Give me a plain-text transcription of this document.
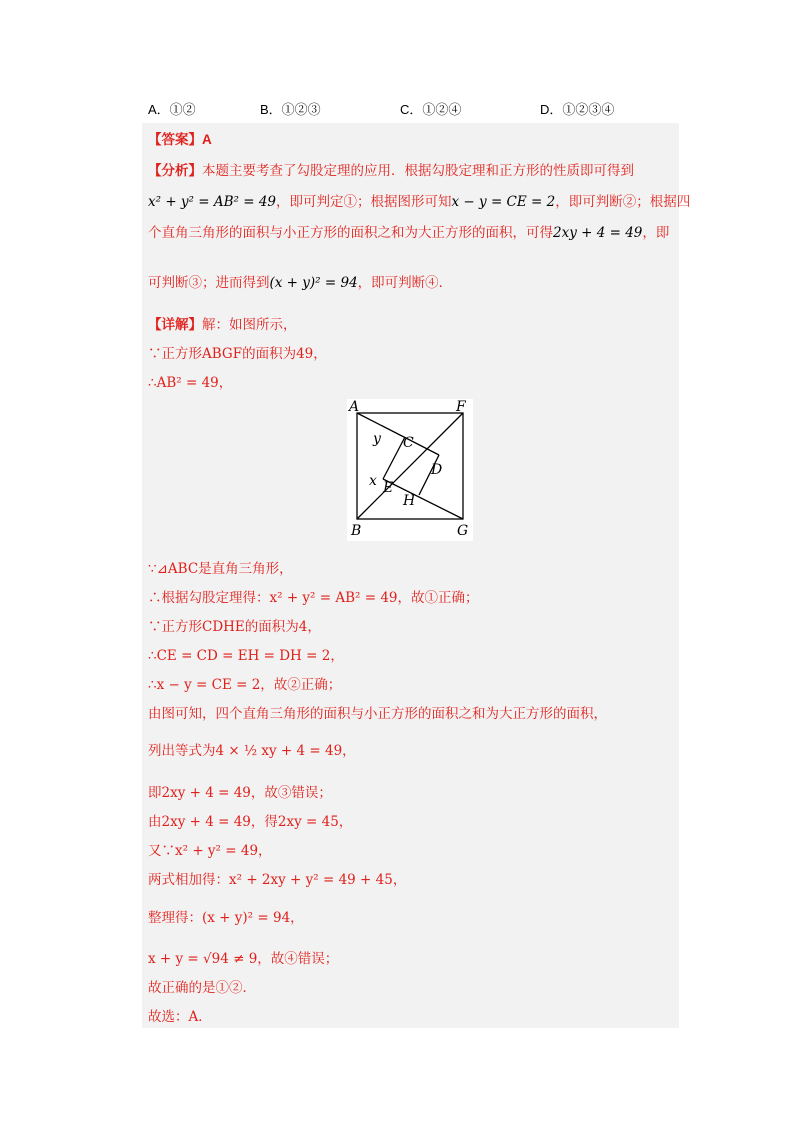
A．①②	B．①②③	C．①②④	D．①②③④
【答案】A
【分析】本题主要考查了勾股定理的应用．根据勾股定理和正方形的性质即可得到
x² + y² = AB² = 49，即可判定①；根据图形可知x − y = CE = 2，即可判断②；根据四
个直角三角形的面积与小正方形的面积之和为大正方形的面积，可得2xy + 4 = 49，即
可判断③；进而得到(x + y)² = 94，即可判断④．
【详解】解：如图所示，
∵正方形ABGF的面积为49，
∴AB² = 49，
A	F
B	G
C
D
E
H
x
y
∵⊿ABC是直角三角形，
∴根据勾股定理得：x² + y² = AB² = 49，故①正确；
∵正方形CDHE的面积为4，
∴CE = CD = EH = DH = 2，
∴x − y = CE = 2，故②正确；
由图可知，四个直角三角形的面积与小正方形的面积之和为大正方形的面积，
列出等式为4 × ½ xy + 4 = 49，
即2xy + 4 = 49，故③错误；
由2xy + 4 = 49，得2xy = 45，
又∵x² + y² = 49，
两式相加得：x² + 2xy + y² = 49 + 45，
整理得：(x + y)² = 94，
x + y = √94 ≠ 9，故④错误；
故正确的是①②．
故选：A．
